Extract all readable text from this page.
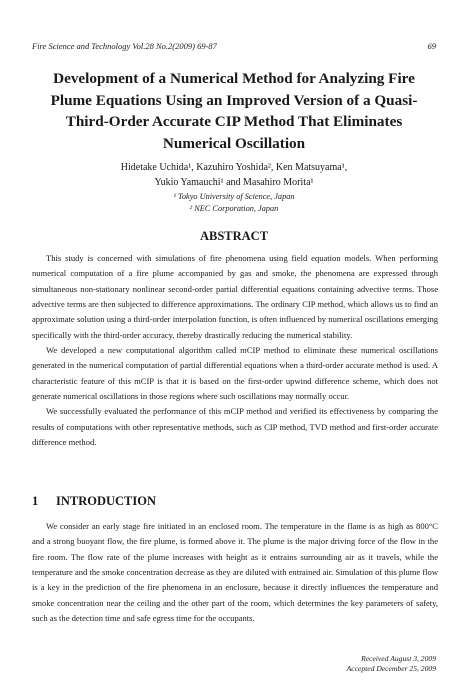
Fire Science and Technology Vol.28 No.2(2009) 69-87	69
Development of a Numerical Method for Analyzing Fire
Plume Equations Using an Improved Version of a Quasi-
Third-Order Accurate CIP Method That Eliminates
Numerical Oscillation
Hidetake Uchida¹, Kazuhiro Yoshida², Ken Matsuyama¹,
Yukio Yamauchi¹ and Masahiro Morita¹
¹ Tokyo University of Science, Japan
² NEC Corporation, Japan
ABSTRACT

This study is concerned with simulations of fire phenomena using field equation models. When performing numerical computation of a fire plume accompanied by gas and smoke, the phenomena are expressed through simultaneous non-stationary nonlinear second-order partial differential equations containing advective terms. Those advective terms are then subjected to difference approximations. The ordinary CIP method, which allows us to find an approximate solution using a third-order interpolation function, is often influenced by numerical oscillations emerging specifically with the third-order accuracy, thereby drastically reducing the numerical stability.

We developed a new computational algorithm called mCIP method to eliminate these numerical oscillations generated in the numerical computation of partial differential equations when a third-order accurate method is used. A characteristic feature of this mCIP is that it is based on the first-order upwind difference scheme, which does not generate numerical oscillations in those regions where such oscillations may normally occur.

We successfully evaluated the performance of this mCIP method and verified its effectiveness by comparing the results of computations with other representative methods, such as CIP method, TVD method and first-order accurate difference method.

1 INTRODUCTION

We consider an early stage fire initiated in an enclosed room. The temperature in the flame is as high as 800°C and a strong buoyant flow, the fire plume, is formed above it. The plume is the major driving force of the flow in the fire room. The flow rate of the plume increases with height as it entrains surrounding air as it travels, while the temperature and the smoke concentration decrease as they are diluted with entrained air. Simulation of this plume flow is a key in the prediction of the fire phenomena in an enclosure, because it directly influences the temperature and smoke concentration near the ceiling and the other part of the room, which determines the key parameters of safety, such as the detection time and safe egress time for the occupants.

Received August 3, 2009
Accepted December 25, 2009
